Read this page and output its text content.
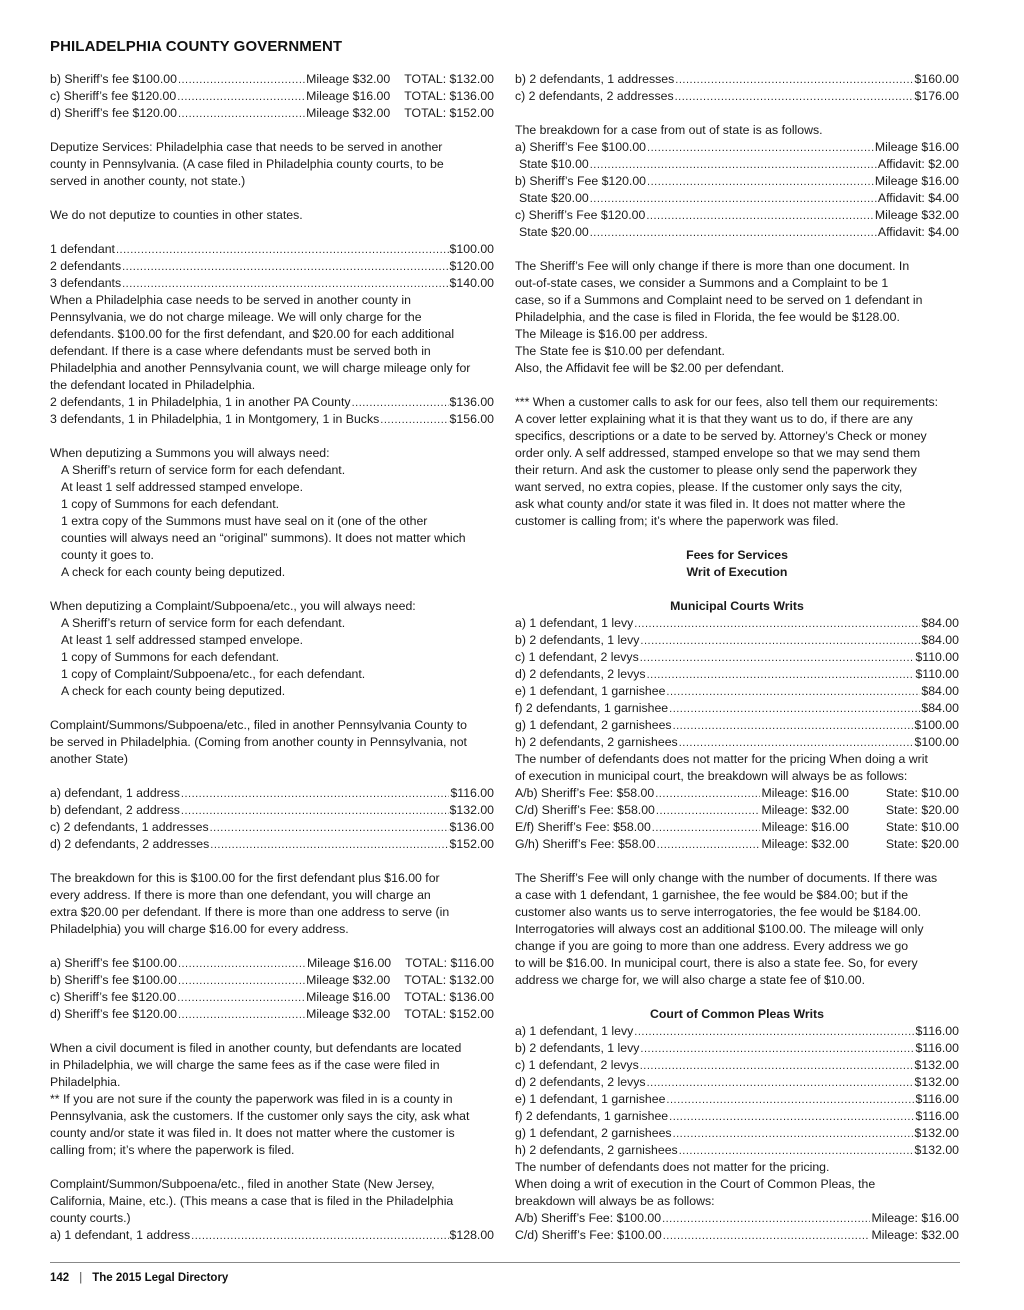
PHILADELPHIA COUNTY GOVERNMENT
b) Sheriff’s fee $100.00 .....	Mileage $32.00 TOTAL: $132.00
c) Sheriff’s fee $120.00 .....	Mileage $16.00 TOTAL: $136.00
d) Sheriff’s fee $120.00 .....	Mileage $32.00 TOTAL: $152.00
Deputize Services: Philadelphia case that needs to be served in another
county in Pennsylvania. (A case filed in Philadelphia county courts, to be
served in another county, not state.)
We do not deputize to counties in other states.
1 defendant .....	$100.00
2 defendants .....	$120.00
3 defendants .....	$140.00
When a Philadelphia case needs to be served in another county in
Pennsylvania, we do not charge mileage. We will only charge for the
defendants. $100.00 for the first defendant, and $20.00 for each additional
defendant. If there is a case where defendants must be served both in
Philadelphia and another Pennsylvania count, we will charge mileage only for
the defendant located in Philadelphia.
2 defendants, 1 in Philadelphia, 1 in another PA County .....	$136.00
3 defendants, 1 in Philadelphia, 1 in Montgomery, 1 in Bucks .....	$156.00
When deputizing a Summons you will always need:
A Sheriff’s return of service form for each defendant.
At least 1 self addressed stamped envelope.
1 copy of Summons for each defendant.
1 extra copy of the Summons must have seal on it (one of the other
counties will always need an “original” summons). It does not matter which
county it goes to.
A check for each county being deputized.
When deputizing a Complaint/Subpoena/etc., you will always need:
A Sheriff’s return of service form for each defendant.
At least 1 self addressed stamped envelope.
1 copy of Summons for each defendant.
1 copy of Complaint/Subpoena/etc., for each defendant.
A check for each county being deputized.
Complaint/Summons/Subpoena/etc., filed in another Pennsylvania County to
be served in Philadelphia. (Coming from another county in Pennsylvania, not
another State)
a) defendant, 1 address .....	$116.00
b) defendant, 2 address .....	$132.00
c) 2 defendants, 1 addresses .....	$136.00
d) 2 defendants, 2 addresses .....	$152.00
The breakdown for this is $100.00 for the first defendant plus $16.00 for
every address. If there is more than one defendant, you will charge an
extra $20.00 per defendant. If there is more than one address to serve (in
Philadelphia) you will charge $16.00 for every address.
a) Sheriff’s fee $100.00 .....	Mileage $16.00 TOTAL: $116.00
b) Sheriff’s fee $100.00 .....	Mileage $32.00 TOTAL: $132.00
c) Sheriff’s fee $120.00 .....	Mileage $16.00 TOTAL: $136.00
d) Sheriff’s fee $120.00 .....	Mileage $32.00 TOTAL: $152.00
When a civil document is filed in another county, but defendants are located
in Philadelphia, we will charge the same fees as if the case were filed in
Philadelphia.
** If you are not sure if the county the paperwork was filed in is a county in
Pennsylvania, ask the customers. If the customer only says the city, ask what
county and/or state it was filed in. It does not matter where the customer is
calling from; it’s where the paperwork is filed.
Complaint/Summon/Subpoena/etc., filed in another State (New Jersey,
California, Maine, etc.). (This means a case that is filed in the Philadelphia
county courts.)
a) 1 defendant, 1 address .....	$128.00
b) 2 defendants, 1 addresses .....	$160.00
c) 2 defendants, 2 addresses .....	$176.00
The breakdown for a case from out of state is as follows.
a) Sheriff’s Fee $100.00 .....	Mileage $16.00
State $10.00 .....	Affidavit: $2.00
b) Sheriff’s Fee $120.00 .....	Mileage $16.00
State $20.00 .....	Affidavit: $4.00
c) Sheriff’s Fee $120.00 .....	Mileage $32.00
State $20.00 .....	Affidavit: $4.00
The Sheriff’s Fee will only change if there is more than one document. In
out-of-state cases, we consider a Summons and a Complaint to be 1
case, so if a Summons and Complaint need to be served on 1 defendant in
Philadelphia, and the case is filed in Florida, the fee would be $128.00.
The Mileage is $16.00 per address.
The State fee is $10.00 per defendant.
Also, the Affidavit fee will be $2.00 per defendant.
*** When a customer calls to ask for our fees, also tell them our requirements:
A cover letter explaining what it is that they want us to do, if there are any
specifics, descriptions or a date to be served by. Attorney’s Check or money
order only. A self addressed, stamped envelope so that we may send them
their return. And ask the customer to please only send the paperwork they
want served, no extra copies, please. If the customer only says the city,
ask what county and/or state it was filed in. It does not matter where the
customer is calling from; it’s where the paperwork was filed.
Fees for Services
Writ of Execution
Municipal Courts Writs
a) 1 defendant, 1 levy .....	$84.00
b) 2 defendants, 1 levy .....	$84.00
c) 1 defendant, 2 levys .....	$110.00
d) 2 defendants, 2 levys .....	$110.00
e) 1 defendant, 1 garnishee .....	$84.00
f) 2 defendants, 1 garnishee .....	$84.00
g) 1 defendant, 2 garnishees .....	$100.00
h) 2 defendants, 2 garnishees .....	$100.00
The number of defendants does not matter for the pricing When doing a writ
of execution in municipal court, the breakdown will always be as follows:
A/b) Sheriff’s Fee: $58.00 .....	Mileage: $16.00	State: $10.00
C/d) Sheriff’s Fee: $58.00 .....	Mileage: $32.00	State: $20.00
E/f) Sheriff’s Fee: $58.00 .....	Mileage: $16.00	State: $10.00
G/h) Sheriff’s Fee: $58.00 .....	Mileage: $32.00	State: $20.00
The Sheriff’s Fee will only change with the number of documents. If there was
a case with 1 defendant, 1 garnishee, the fee would be $84.00; but if the
customer also wants us to serve interrogatories, the fee would be $184.00.
Interrogatories will always cost an additional $100.00. The mileage will only
change if you are going to more than one address. Every address we go
to will be $16.00. In municipal court, there is also a state fee. So, for every
address we charge for, we will also charge a state fee of $10.00.
Court of Common Pleas Writs
a) 1 defendant, 1 levy .....	$116.00
b) 2 defendants, 1 levy .....	$116.00
c) 1 defendant, 2 levys .....	$132.00
d) 2 defendants, 2 levys .....	$132.00
e) 1 defendant, 1 garnishee .....	$116.00
f) 2 defendants, 1 garnishee .....	$116.00
g) 1 defendant, 2 garnishees .....	$132.00
h) 2 defendants, 2 garnishees .....	$132.00
The number of defendants does not matter for the pricing.
When doing a writ of execution in the Court of Common Pleas, the
breakdown will always be as follows:
A/b) Sheriff’s Fee: $100.00 .....	Mileage: $16.00
C/d) Sheriff’s Fee: $100.00 .....	Mileage: $32.00
142 | The 2015 Legal Directory
